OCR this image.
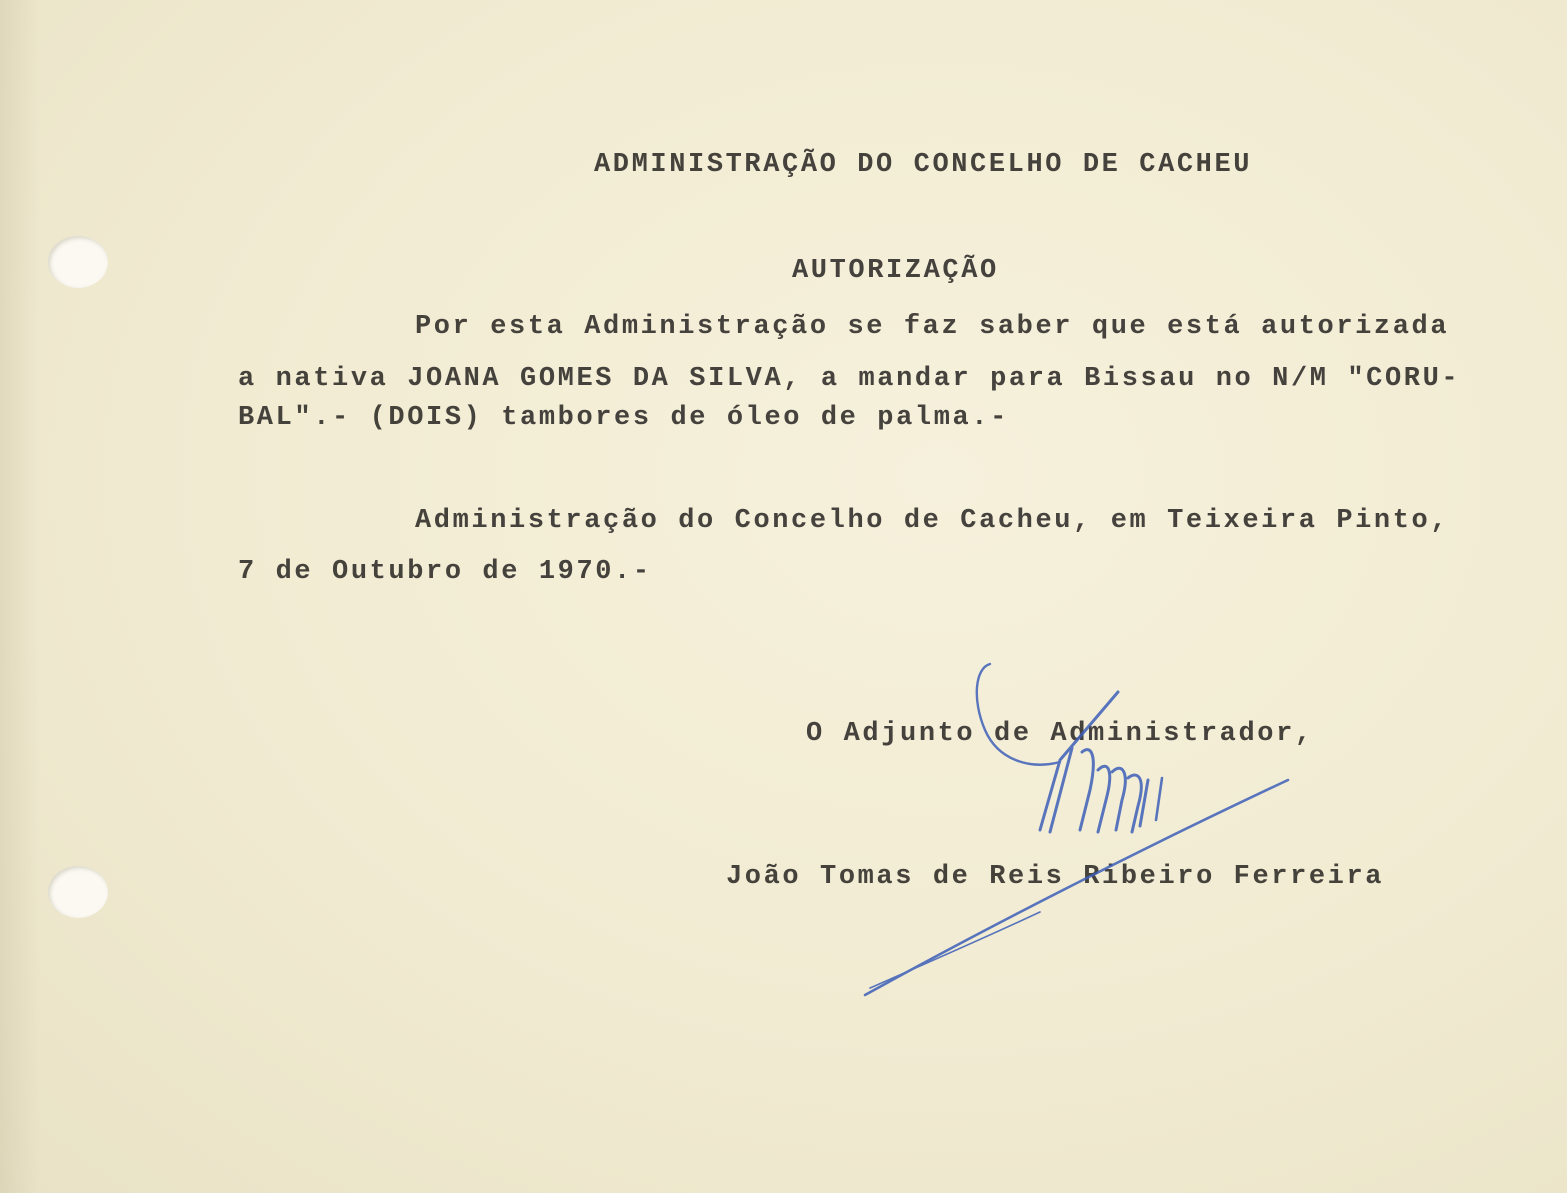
ADMINISTRAÇÃO DO CONCELHO DE CACHEU
AUTORIZAÇÃO
Por esta Administração se faz saber que está autorizada
a nativa JOANA GOMES DA SILVA, a mandar para Bissau no N/M "CORU-
BAL".- (DOIS) tambores de óleo de palma.-
Administração do Concelho de Cacheu, em Teixeira Pinto,
7 de Outubro de 1970.-
O Adjunto de Administrador,
João Tomas de Reis Ribeiro Ferreira
